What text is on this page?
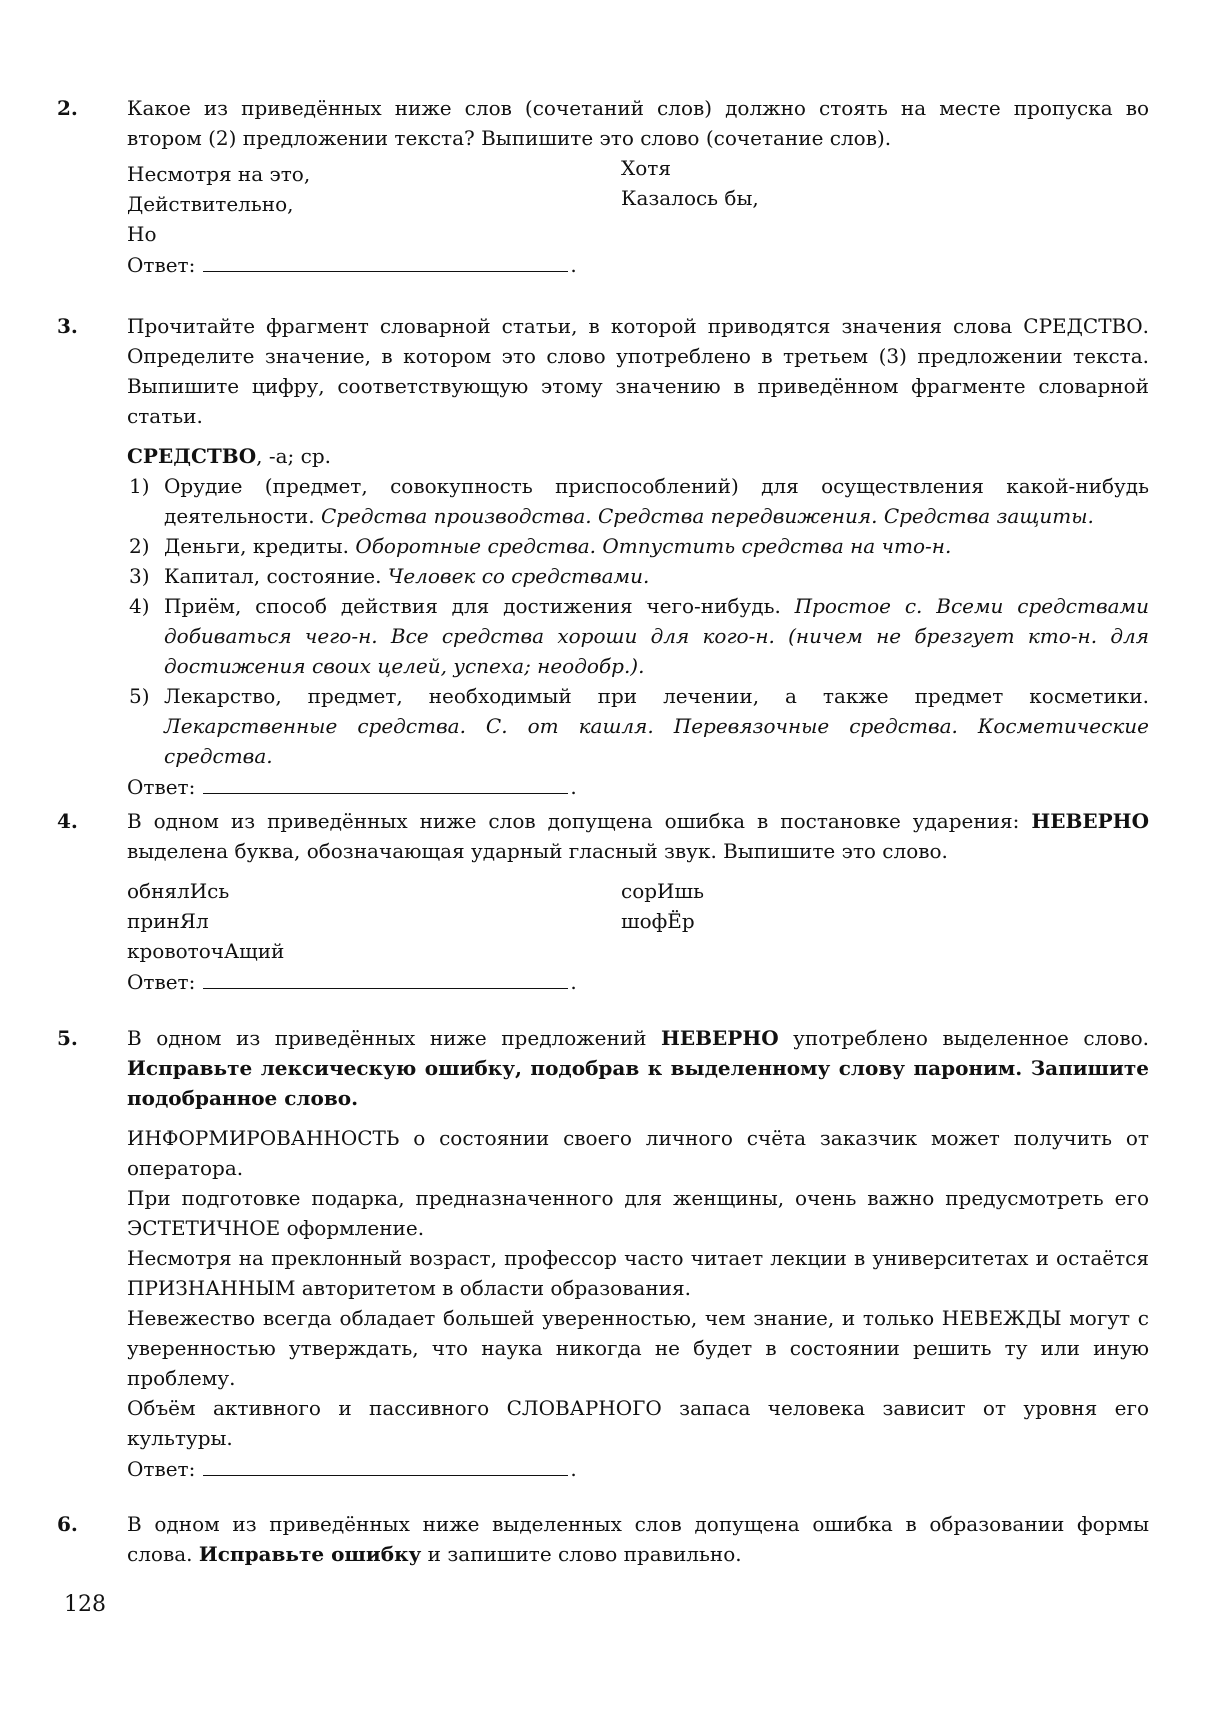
2. Какое из приведённых ниже слов (сочетаний слов) должно стоять на месте пропуска во втором (2) предложении текста? Выпишите это слово (сочетание слов).

Несмотря на это,

Действительно,

Но

Хотя

Казалось бы,

Ответ:	.

3. Прочитайте фрагмент словарной статьи, в которой приводятся значения слова СРЕДСТВО. Определите значение, в котором это слово употреблено в третьем (3) предложении текста. Выпишите цифру, соответствующую этому значению в приведённом фрагменте словарной статьи.

СРЕДСТВО, -а; ср.

1) Орудие (предмет, совокупность приспособлений) для осуществления какой-нибудь деятельности. Средства производства. Средства передвижения. Средства защиты.
2) Деньги, кредиты. Оборотные средства. Отпустить средства на что-н.
3) Капитал, состояние. Человек со средствами.
4) Приём, способ действия для достижения чего-нибудь. Простое с. Всеми средствами добиваться чего-н. Все средства хороши для кого-н. (ничем не брезгует кто-н. для достижения своих целей, успеха; неодобр.).
5) Лекарство, предмет, необходимый при лечении, а также предмет косметики. Лекарственные средства. С. от кашля. Перевязочные средства. Косметические средства.

Ответ:	.

4. В одном из приведённых ниже слов допущена ошибка в постановке ударения: НЕВЕРНО выделена буква, обозначающая ударный гласный звук. Выпишите это слово.

обнялИсь

принЯл

кровоточАщий

сорИшь

шофЁр

Ответ:	.

5. В одном из приведённых ниже предложений НЕВЕРНО употреблено выделенное слово. Исправьте лексическую ошибку, подобрав к выделенному слову пароним. Запишите подобранное слово.

ИНФОРМИРОВАННОСТЬ о состоянии своего личного счёта заказчик может получить от оператора.

При подготовке подарка, предназначенного для женщины, очень важно предусмотреть его ЭСТЕТИЧНОЕ оформление.

Несмотря на преклонный возраст, профессор часто читает лекции в университетах и остаётся ПРИЗНАННЫМ авторитетом в области образования.

Невежество всегда обладает большей уверенностью, чем знание, и только НЕВЕЖДЫ могут с уверенностью утверждать, что наука никогда не будет в состоянии решить ту или иную проблему.

Объём активного и пассивного СЛОВАРНОГО запаса человека зависит от уровня его культуры.

Ответ:	.

6. В одном из приведённых ниже выделенных слов допущена ошибка в образовании формы слова. Исправьте ошибку и запишите слово правильно.

128
